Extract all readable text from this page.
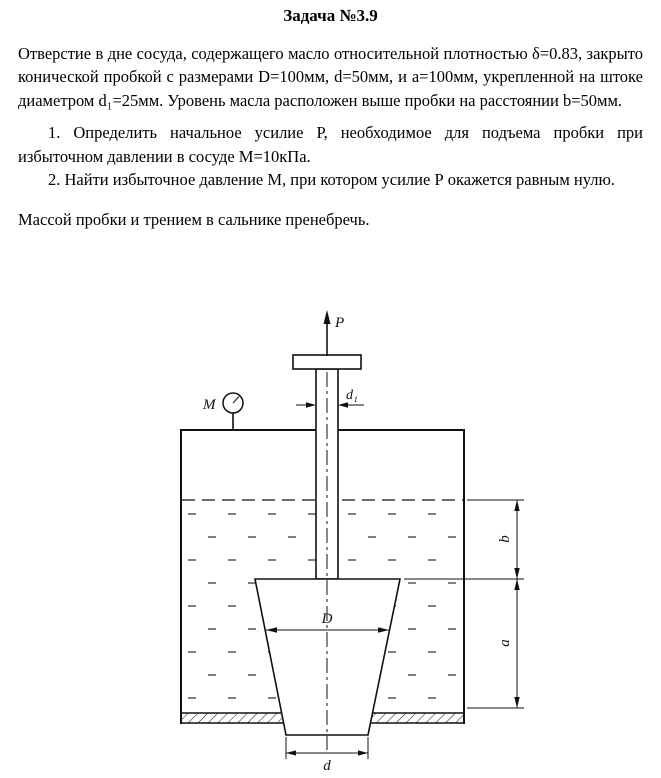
Задача №3.9

Отверстие в дне сосуда, содержащего масло относительной плотностью δ=0.83, закрыто конической пробкой с размерами D=100мм, d=50мм, и а=100мм, укрепленной на штоке диаметром d₁=25мм. Уровень масла расположен выше пробки на расстоянии b=50мм.

1. Определить начальное усилие Р, необходимое для подъема пробки при избыточном давлении в сосуде М=10кПа.

2. Найти избыточное давление М, при котором усилие Р окажется равным нулю.

Массой пробки и трением в сальнике пренебречь.

P
M
d₁
D
d
b
a
